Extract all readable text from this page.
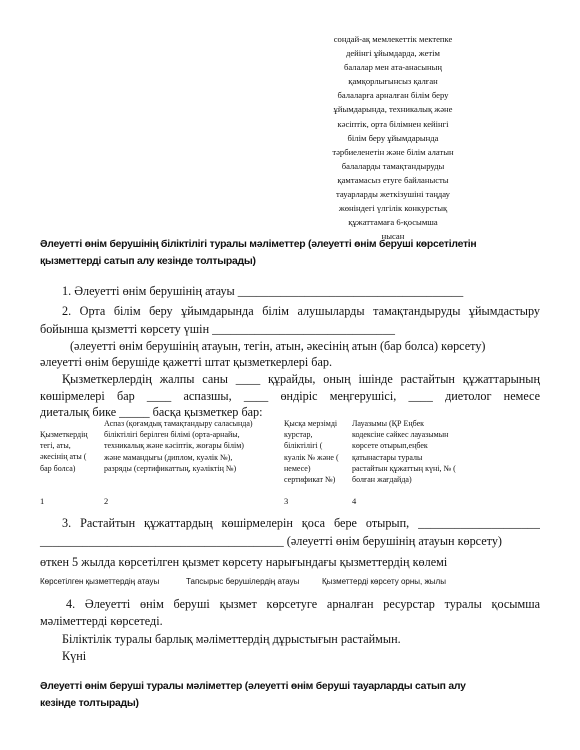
сондай-ақ мемлекеттік мектепке
дейінгі ұйымдарда, жетім
балалар мен ата-анасының
қамқорлығынсыз қалған
балаларға арналған білім беру
ұйымдарында, техникалық және
кәсіптік, орта білімнен кейінгі
білім беру ұйымдарында
тәрбиеленетін және білім алатын
балаларды тамақтандыруды
қамтамасыз етуге байланысты
тауарларды жеткізушіні таңдау
жөніндегі үлгілік конкурстық
құжаттамаға 6-қосымша
нысан
Әлеуетті өнім берушінің біліктілігі туралы мәліметтер (әлеуетті өнім беруші көрсетілетін
қызметтерді сатып алу кезінде толтырады)
1. Әлеуетті өнім берушінің атауы _____________________________________
2. Орта білім беру ұйымдарында білім алушыларды тамақтандыруды ұйымдастыру
бойынша қызметті көрсету үшін ______________________________
(әлеуетті өнім берушінің атауын, тегін, атын, әкесінің атын (бар болса) көрсету)
әлеуетті өнім берушіде қажетті штат қызметкерлері бар.
Қызметкерлердің жалпы саны ____ құрайды, оның ішінде растайтын құжаттарының
көшірмелері бар ____ аспазшы, ____ өндіріс меңгерушісі, ____ диетолог немесе
диеталық бике _____ басқа қызметкер бар:
Қызметкердің
тегі, аты,
әкесінің аты (
бар болса)
1
Аспаз (қоғамдық тамақтандыру саласында)
біліктілігі берілген білімі (орта-арнайы,
техникалық және кәсіптік, жоғары білім)
және мамандығы (диплом, куәлік №),
разряды (сертификаттың, куәліктің №)
2
Қысқа мерзімді
курстар,
біліктілігі (
куәлік № және (
немесе)
сертификат №)
3
Лауазымы (ҚР Еңбек
кодексіне сәйкес лауазымын
көрсете отырып,еңбек
қатынастары туралы
растайтын құжаттың күні, № (
болған жағдайда)
4
3. Растайтын құжаттардың көшірмелерін қоса бере отырып, ____________________
________________________________________ (әлеуетті өнім берушінің атауын көрсету)
өткен 5 жылда көрсетілген қызмет көрсету нарығындағы қызметтердің көлемі
Көрсетілген қызметтердің атауы	Тапсырыс берушілердің атауы	Қызметтерді көрсету орны, жылы
4. Әлеуетті өнім беруші қызмет көрсетуге арналған ресурстар туралы қосымша
мәліметтерді көрсетеді.
Біліктілік туралы барлық мәліметтердің дұрыстығын растаймын.
Күні
Әлеуетті өнім беруші туралы мәліметтер (әлеуетті өнім беруші тауарларды сатып алу
кезінде толтырады)
